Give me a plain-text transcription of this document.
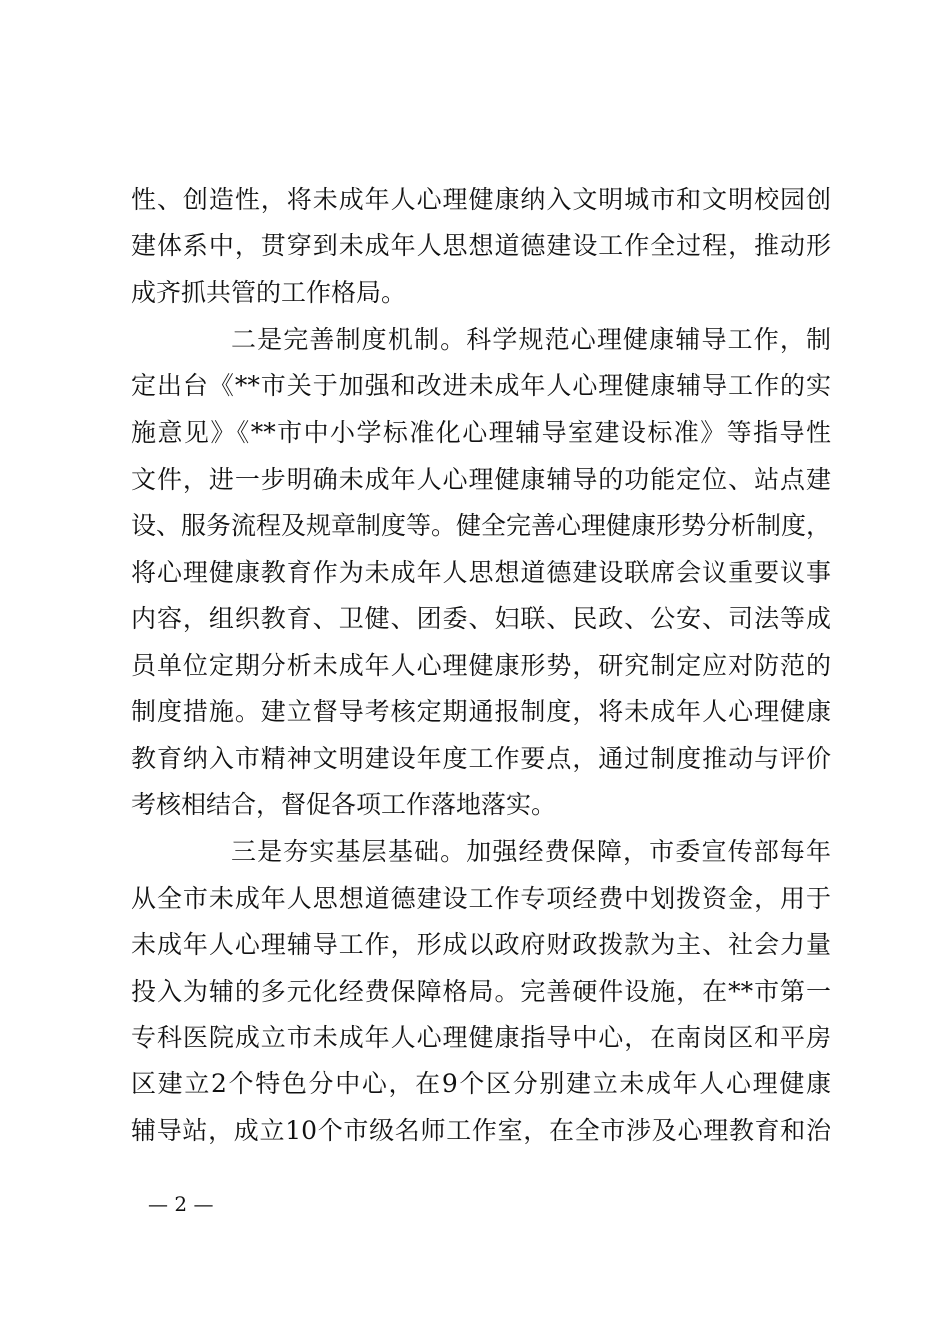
性、创造性，将未成年人心理健康纳入文明城市和文明校园创
建体系中，贯穿到未成年人思想道德建设工作全过程，推动形
成齐抓共管的工作格局。
二是完善制度机制。科学规范心理健康辅导工作，制
定出台《**市关于加强和改进未成年人心理健康辅导工作的实
施意见》《**市中小学标准化心理辅导室建设标准》等指导性
文件，进一步明确未成年人心理健康辅导的功能定位、站点建
设、服务流程及规章制度等。健全完善心理健康形势分析制度，
将心理健康教育作为未成年人思想道德建设联席会议重要议事
内容，组织教育、卫健、团委、妇联、民政、公安、司法等成
员单位定期分析未成年人心理健康形势，研究制定应对防范的
制度措施。建立督导考核定期通报制度，将未成年人心理健康
教育纳入市精神文明建设年度工作要点，通过制度推动与评价
考核相结合，督促各项工作落地落实。
三是夯实基层基础。加强经费保障，市委宣传部每年
从全市未成年人思想道德建设工作专项经费中划拨资金，用于
未成年人心理辅导工作，形成以政府财政拨款为主、社会力量
投入为辅的多元化经费保障格局。完善硬件设施，在**市第一
专科医院成立市未成年人心理健康指导中心，在南岗区和平房
区建立2个特色分中心，在9个区分别建立未成年人心理健康
辅导站，成立10个市级名师工作室，在全市涉及心理教育和治
— 2 —
